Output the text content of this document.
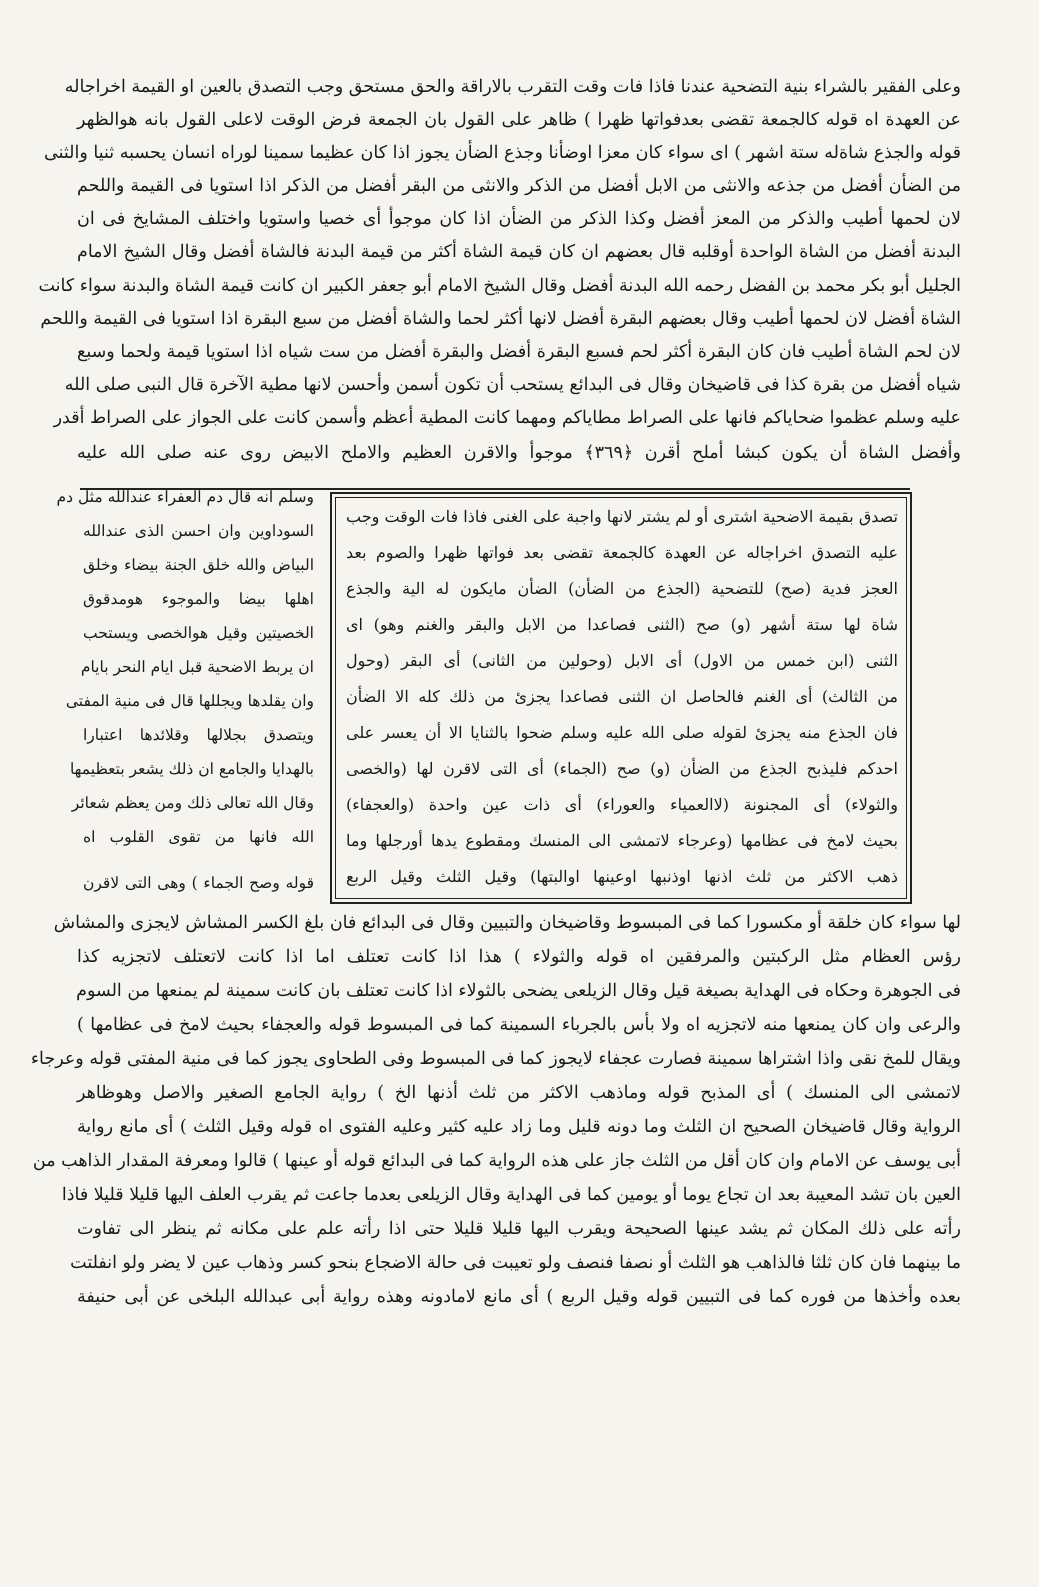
وعلى الفقير بالشراء بنية التضحية عندنا فاذا فات وقت التقرب بالاراقة والحق مستحق وجب التصدق بالعين او القيمة اخراجاله
عن العهدة اه قوله كالجمعة تقضى بعدفواتها ظهرا ) ظاهر على القول بان الجمعة فرض الوقت لاعلى القول بانه هوالظهر
قوله والجذع شاةله ستة اشهر ) اى سواء كان معزا اوضأنا وجذع الضأن يجوز اذا كان عظيما سمينا لوراه انسان يحسبه ثنيا والثنى
من الضأن أفضل من جذعه والانثى من الابل أفضل من الذكر والانثى من البقر أفضل من الذكر اذا استويا فى القيمة واللحم
لان لحمها أطيب والذكر من المعز أفضل وكذا الذكر من الضأن اذا كان موجوأ أى خصيا واستويا واختلف المشايخ فى ان
البدنة أفضل من الشاة الواحدة أوقلبه قال بعضهم ان كان قيمة الشاة أكثر من قيمة البدنة فالشاة أفضل وقال الشيخ الامام
الجليل أبو بكر محمد بن الفضل رحمه الله البدنة أفضل وقال الشيخ الامام أبو جعفر الكبير ان كانت قيمة الشاة والبدنة سواء كانت
الشاة أفضل لان لحمها أطيب وقال بعضهم البقرة أفضل لانها أكثر لحما والشاة أفضل من سبع البقرة اذا استويا فى القيمة واللحم
لان لحم الشاة أطيب فان كان البقرة أكثر لحم فسبع البقرة أفضل والبقرة أفضل من ست شياه اذا استويا قيمة ولحما وسبع
شياه أفضل من بقرة كذا فى قاضيخان وقال فى البدائع يستحب أن تكون أسمن وأحسن لانها مطية الآخرة قال النبى صلى الله
عليه وسلم عظموا ضحاياكم فانها على الصراط مطاياكم ومهما كانت المطية أعظم وأسمن كانت على الجواز على الصراط أقدر
وأفضل الشاة أن يكون كبشا أملح أقرن ﴿٣٦٩﴾ موجوأ والاقرن العظيم والاملح الابيض روى عنه صلى الله عليه
تصدق بقيمة الاضحية اشترى أو لم يشتر لانها واجبة على الغنى فاذا فات الوقت وجب
عليه التصدق اخراجاله عن العهدة كالجمعة تقضى بعد فواتها ظهرا والصوم بعد
العجز فدية (صح) للتضحية (الجذع من الضأن) الضأن مايكون له الية والجذع
شاة لها ستة أشهر (و) صح (الثنى فصاعدا من الابل والبقر والغنم وهو) اى
الثنى (ابن خمس من الاول) أى الابل (وحولين من الثانى) أى البقر (وحول
من الثالث) أى الغنم فالحاصل ان الثنى فصاعدا يجزئ من ذلك كله الا الضأن
فان الجذع منه يجزئ لقوله صلى الله عليه وسلم ضحوا بالثنايا الا أن يعسر على
احدكم فليذبح الجذع من الضأن (و) صح (الجماء) أى التى لاقرن لها (والخصى
والثولاء) أى المجنونة (لاالعمياء والعوراء) أى ذات عين واحدة (والعجفاء)
بحيث لامخ فى عظامها (وعرجاء لاتمشى الى المنسك ومقطوع يدها أورجلها وما
ذهب الاكثر من ثلث اذنها اوذنبها اوعينها اوالبتها) وقيل الثلث وقيل الربع
وسلم انه قال دم العفراء عندالله مثل دم
السوداوين وان احسن الذى عندالله
البياض والله خلق الجنة بيضاء وخلق
اهلها بيضا والموجوء هومدقوق
الخصيتين وقيل هوالخصى ويستحب
ان يربط الاضحية قبل ايام النحر بايام
وان يقلدها ويجللها قال فى منية المفتى
ويتصدق بجلالها وقلائدها اعتبارا
بالهدايا والجامع ان ذلك يشعر بتعظيمها
وقال الله تعالى ذلك ومن يعظم شعائر
الله فانها من تقوى القلوب اه
قوله وصح الجماء ) وهى التى لاقرن
لها سواء كان خلقة أو مكسورا كما فى المبسوط وقاضيخان والتبيين وقال فى البدائع فان بلغ الكسر المشاش لايجزى والمشاش
رؤس العظام مثل الركبتين والمرفقين اه قوله والثولاء ) هذا اذا كانت تعتلف اما اذا كانت لاتعتلف لاتجزيه كذا
فى الجوهرة وحكاه فى الهداية بصيغة قيل وقال الزيلعى يضحى بالثولاء اذا كانت تعتلف بان كانت سمينة لم يمنعها من السوم
والرعى وان كان يمنعها منه لاتجزيه اه ولا بأس بالجرباء السمينة كما فى المبسوط قوله والعجفاء بحيث لامخ فى عظامها )
ويقال للمخ نقى واذا اشتراها سمينة فصارت عجفاء لايجوز كما فى المبسوط وفى الطحاوى يجوز كما فى منية المفتى قوله وعرجاء
لاتمشى الى المنسك ) أى المذبح قوله وماذهب الاكثر من ثلث أذنها الخ ) رواية الجامع الصغير والاصل وهوظاهر
الرواية وقال قاضيخان الصحيح ان الثلث وما دونه قليل وما زاد عليه كثير وعليه الفتوى اه قوله وقيل الثلث ) أى مانع رواية
أبى يوسف عن الامام وان كان أقل من الثلث جاز على هذه الرواية كما فى البدائع قوله أو عينها ) قالوا ومعرفة المقدار الذاهب من
العين بان تشد المعيبة بعد ان تجاع يوما أو يومين كما فى الهداية وقال الزيلعى بعدما جاعت ثم يقرب العلف اليها قليلا قليلا فاذا
رأته على ذلك المكان ثم يشد عينها الصحيحة ويقرب اليها قليلا قليلا حتى اذا رأته علم على مكانه ثم ينظر الى تفاوت
ما بينهما فان كان ثلثا فالذاهب هو الثلث أو نصفا فنصف ولو تعيبت فى حالة الاضجاع بنحو كسر وذهاب عين لا يضر ولو انفلتت
بعده وأخذها من فوره كما فى التبيين قوله وقيل الربع ) أى مانع لامادونه وهذه رواية أبى عبدالله البلخى عن أبى حنيفة
